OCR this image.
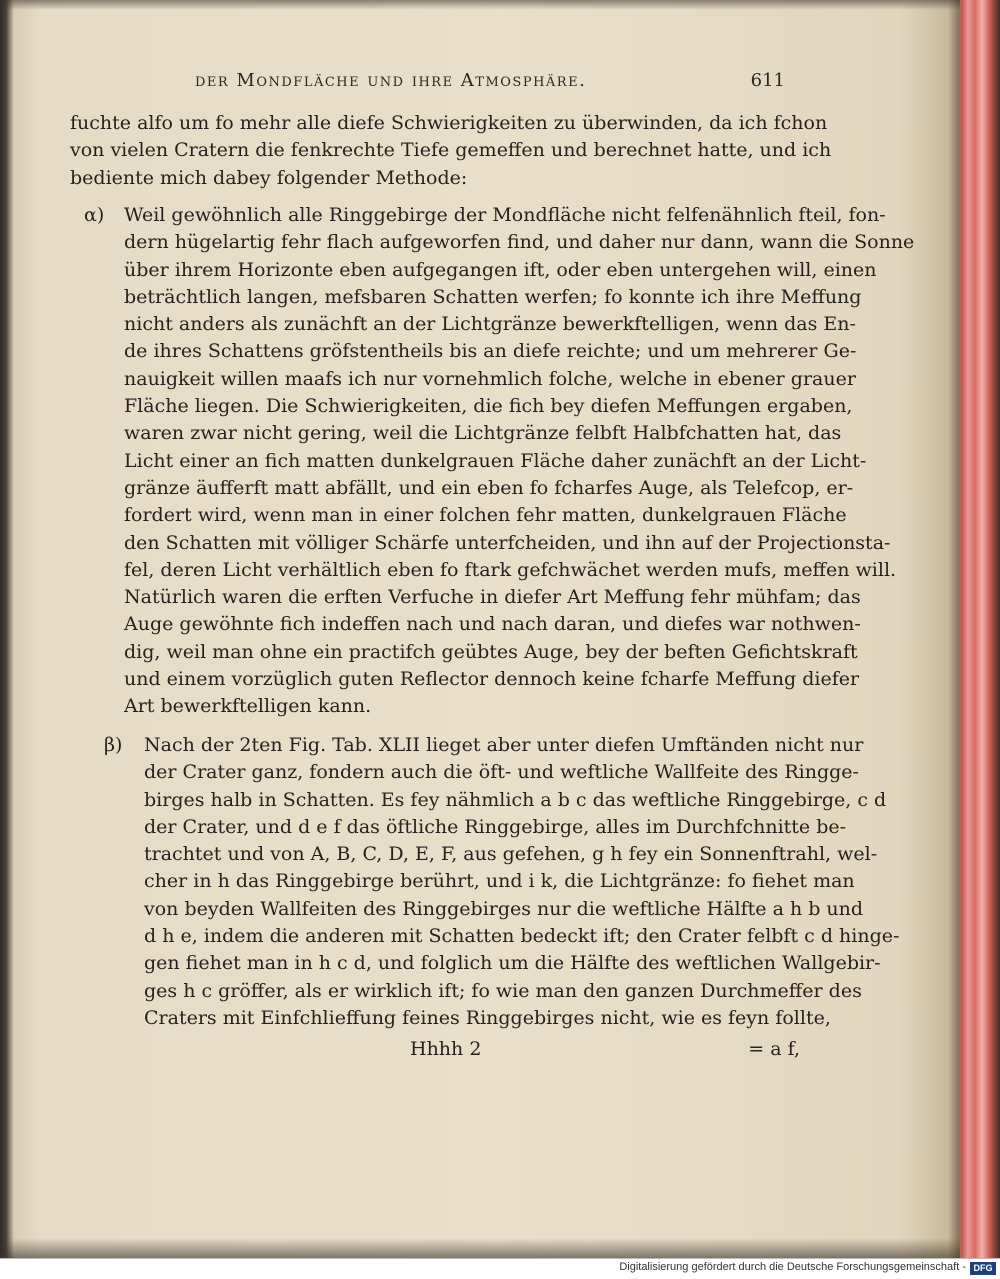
der Mondfläche und ihre Atmosphäre.	611
fuchte alfo um fo mehr alle diefe Schwierigkeiten zu überwinden, da ich fchon
von vielen Cratern die fenkrechte Tiefe gemeffen und berechnet hatte, und ich
bediente mich dabey folgender Methode:
α) Weil gewöhnlich alle Ringgebirge der Mondfläche nicht felfenähnlich fteil, fon-
dern hügelartig fehr flach aufgeworfen find, und daher nur dann, wann die Sonne
über ihrem Horizonte eben aufgegangen ift, oder eben untergehen will, einen
beträchtlich langen, mefsbaren Schatten werfen; fo konnte ich ihre Meffung
nicht anders als zunächft an der Lichtgränze bewerkftelligen, wenn das En-
de ihres Schattens gröfstentheils bis an diefe reichte; und um mehrerer Ge-
nauigkeit willen maafs ich nur vornehmlich folche, welche in ebener grauer
Fläche liegen. Die Schwierigkeiten, die fich bey diefen Meffungen ergaben,
waren zwar nicht gering, weil die Lichtgränze felbft Halbfchatten hat, das
Licht einer an fich matten dunkelgrauen Fläche daher zunächft an der Licht-
gränze äufferft matt abfällt, und ein eben fo fcharfes Auge, als Telefcop, er-
fordert wird, wenn man in einer folchen fehr matten, dunkelgrauen Fläche
den Schatten mit völliger Schärfe unterfcheiden, und ihn auf der Projectionsta-
fel, deren Licht verhältlich eben fo ftark gefchwächet werden mufs, meffen will.
Natürlich waren die erften Verfuche in diefer Art Meffung fehr mühfam; das
Auge gewöhnte fich indeffen nach und nach daran, und diefes war nothwen-
dig, weil man ohne ein practifch geübtes Auge, bey der beften Gefichtskraft
und einem vorzüglich guten Reflector dennoch keine fcharfe Meffung diefer
Art bewerkftelligen kann.
β) Nach der 2ten Fig. Tab. XLII lieget aber unter diefen Umftänden nicht nur
der Crater ganz, fondern auch die öft- und weftliche Wallfeite des Ringge-
birges halb in Schatten. Es fey nähmlich a b c das weftliche Ringgebirge, c d
der Crater, und d e f das öftliche Ringgebirge, alles im Durchfchnitte be-
trachtet und von A, B, C, D, E, F, aus gefehen, g h fey ein Sonnenftrahl, wel-
cher in h das Ringgebirge berührt, und i k, die Lichtgränze: fo fiehet man
von beyden Wallfeiten des Ringgebirges nur die weftliche Hälfte a h b und
d h e, indem die anderen mit Schatten bedeckt ift; den Crater felbft c d hinge-
gen fiehet man in h c d, und folglich um die Hälfte des weftlichen Wallgebir-
ges h c gröffer, als er wirklich ift; fo wie man den ganzen Durchmeffer des
Craters mit Einfchlieffung feines Ringgebirges nicht, wie es feyn follte,
Hhhh 2	= a f,
Digitalisierung gefördert durch die Deutsche Forschungsgemeinschaft - DFG
